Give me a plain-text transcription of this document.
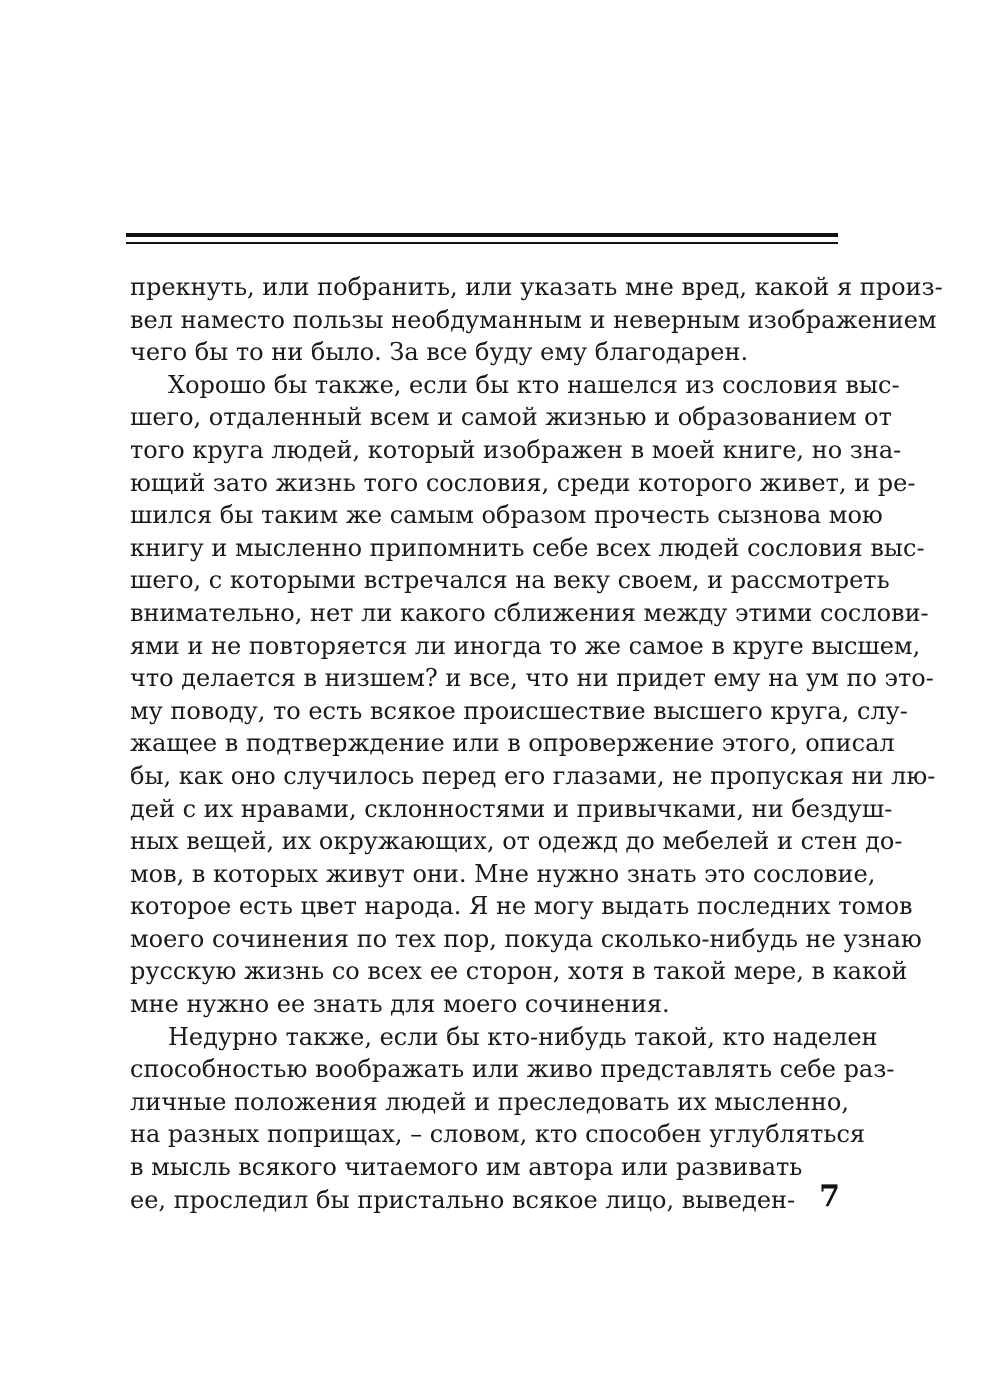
прекнуть, или побранить, или указать мне вред, какой я произ-
вел наместо пользы необдуманным и неверным изображением
чего бы то ни было. За все буду ему благодарен.
Хорошо бы также, если бы кто нашелся из сословия выс-
шего, отдаленный всем и самой жизнью и образованием от
того круга людей, который изображен в моей книге, но зна-
ющий зато жизнь того сословия, среди которого живет, и ре-
шился бы таким же самым образом прочесть сызнова мою
книгу и мысленно припомнить себе всех людей сословия выс-
шего, с которыми встречался на веку своем, и рассмотреть
внимательно, нет ли какого сближения между этими сослови-
ями и не повторяется ли иногда то же самое в круге высшем,
что делается в низшем? и все, что ни придет ему на ум по это-
му поводу, то есть всякое происшествие высшего круга, слу-
жащее в подтверждение или в опровержение этого, описал
бы, как оно случилось перед его глазами, не пропуская ни лю-
дей с их нравами, склонностями и привычками, ни бездуш-
ных вещей, их окружающих, от одежд до мебелей и стен до-
мов, в которых живут они. Мне нужно знать это сословие,
которое есть цвет народа. Я не могу выдать последних томов
моего сочинения по тех пор, покуда сколько-нибудь не узнаю
русскую жизнь со всех ее сторон, хотя в такой мере, в какой
мне нужно ее знать для моего сочинения.
Недурно также, если бы кто-нибудь такой, кто наделен
способностью воображать или живо представлять себе раз-
личные положения людей и преследовать их мысленно,
на разных поприщах, – словом, кто способен углубляться
в мысль всякого читаемого им автора или развивать
ее, проследил бы пристально всякое лицо, выведен- 7
